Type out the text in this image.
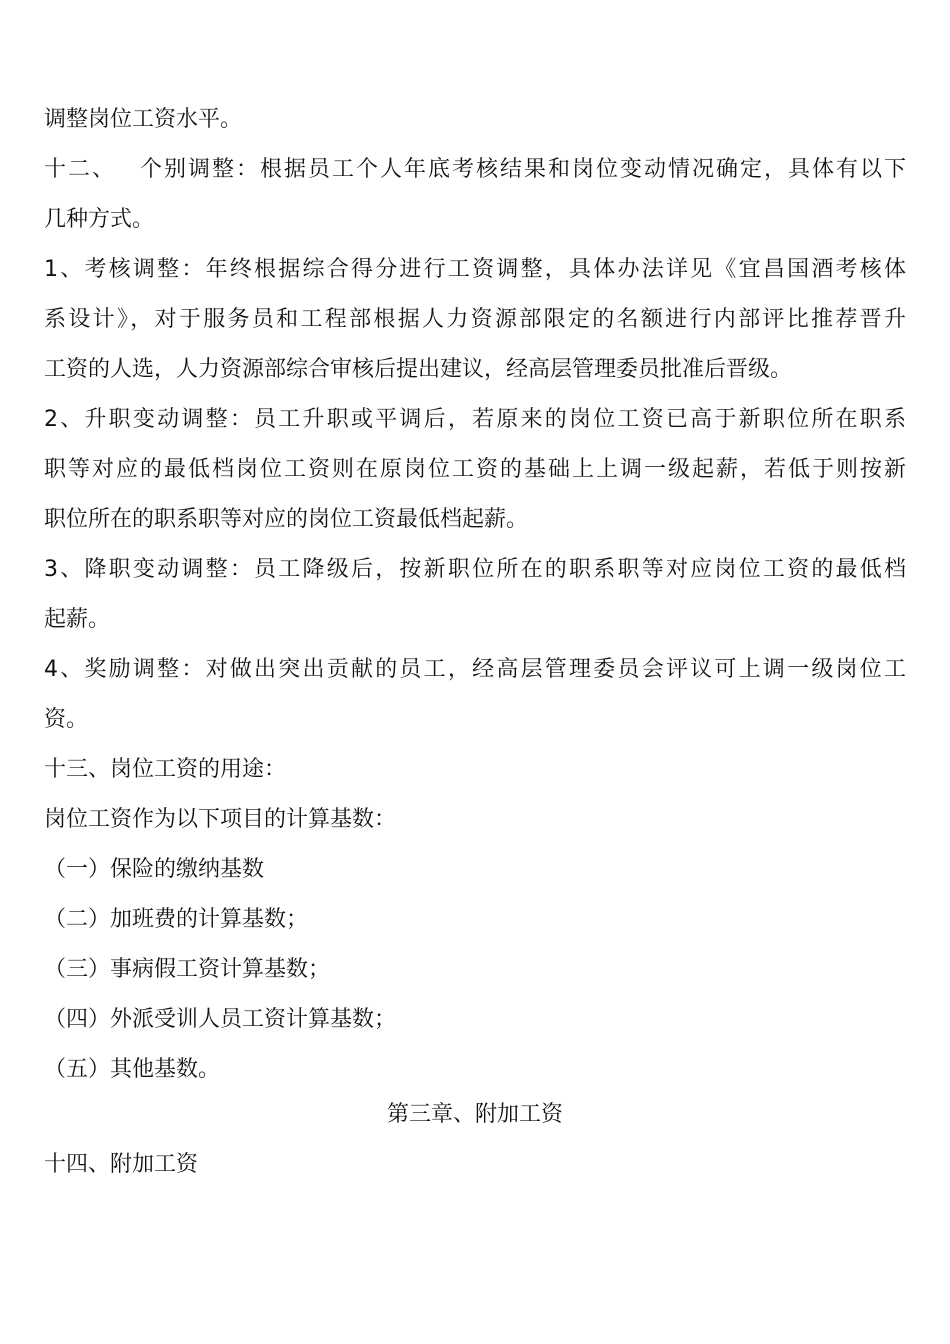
调整岗位工资水平。
十二、 个别调整：根据员工个人年底考核结果和岗位变动情况确定，具体有以下
几种方式。
1、考核调整：年终根据综合得分进行工资调整，具体办法详见《宜昌国酒考核体
系设计》，对于服务员和工程部根据人力资源部限定的名额进行内部评比推荐晋升
工资的人选，人力资源部综合审核后提出建议，经高层管理委员批准后晋级。
2、升职变动调整：员工升职或平调后，若原来的岗位工资已高于新职位所在职系
职等对应的最低档岗位工资则在原岗位工资的基础上上调一级起薪，若低于则按新
职位所在的职系职等对应的岗位工资最低档起薪。
3、降职变动调整：员工降级后，按新职位所在的职系职等对应岗位工资的最低档
起薪。
4、奖励调整：对做出突出贡献的员工，经高层管理委员会评议可上调一级岗位工
资。
十三、岗位工资的用途：
岗位工资作为以下项目的计算基数：
（一）保险的缴纳基数
（二）加班费的计算基数；
（三）事病假工资计算基数；
（四）外派受训人员工资计算基数；
（五）其他基数。
第三章、附加工资
十四、附加工资
